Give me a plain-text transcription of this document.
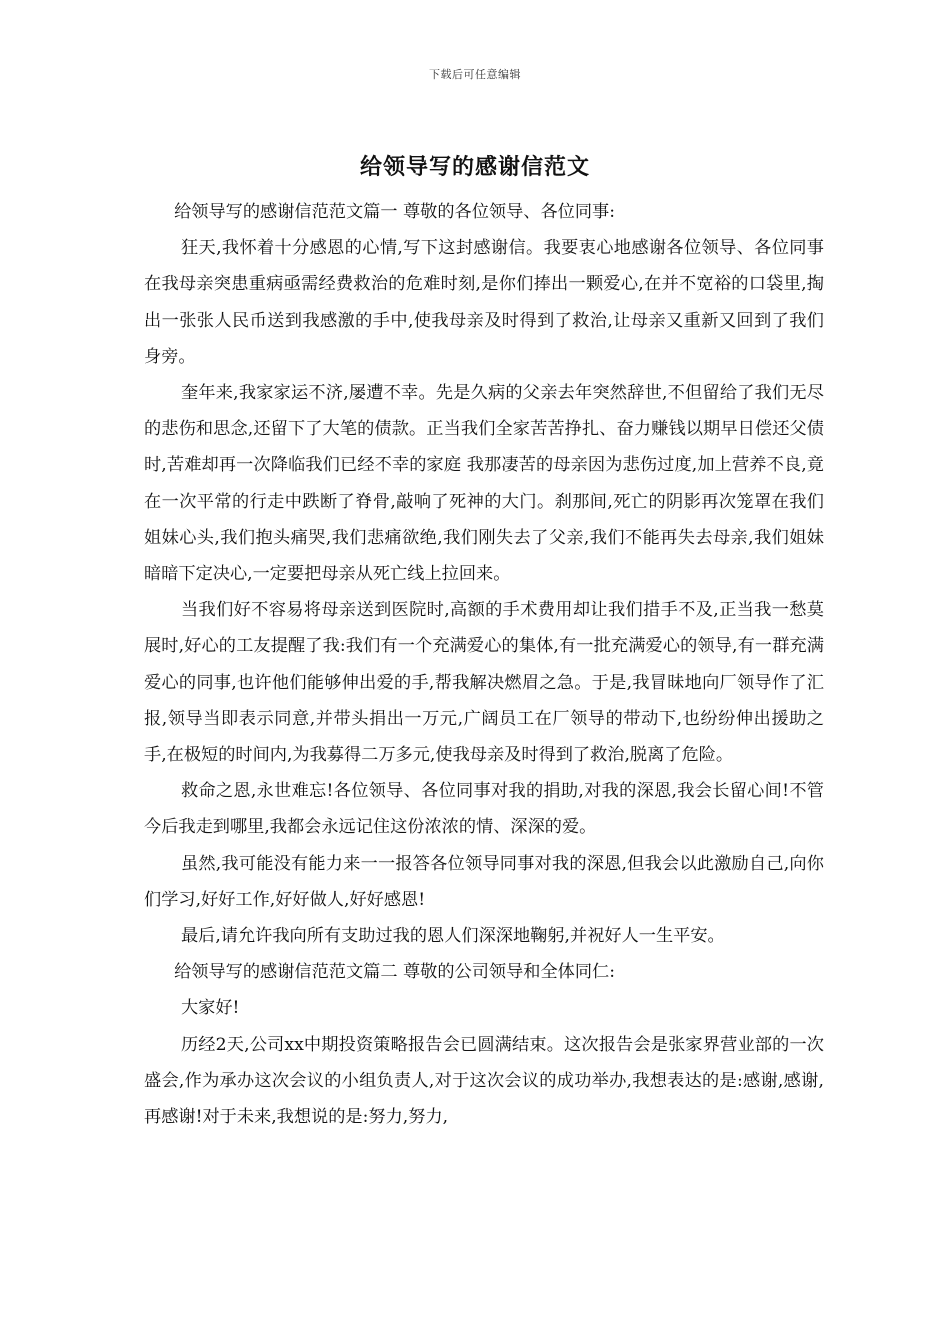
下载后可任意编辑
给领导写的感谢信范文

给领导写的感谢信范范文篇一 尊敬的各位领导、各位同事:

狂天,我怀着十分感恩的心情,写下这封感谢信。我要衷心地感谢各位领导、各位同事在我母亲突患重病亟需经费救治的危难时刻,是你们捧出一颗爱心,在并不宽裕的口袋里,掏出一张张人民币送到我感激的手中,使我母亲及时得到了救治,让母亲又重新又回到了我们身旁。

奎年来,我家家运不济,屡遭不幸。先是久病的父亲去年突然辞世,不但留给了我们无尽的悲伤和思念,还留下了大笔的债款。正当我们全家苦苦挣扎、奋力赚钱以期早日偿还父债时,苦难却再一次降临我们已经不幸的家庭 我那凄苦的母亲因为悲伤过度,加上营养不良,竟在一次平常的行走中跌断了脊骨,敲响了死神的大门。刹那间,死亡的阴影再次笼罩在我们姐妹心头,我们抱头痛哭,我们悲痛欲绝,我们刚失去了父亲,我们不能再失去母亲,我们姐妹暗暗下定决心,一定要把母亲从死亡线上拉回来。

当我们好不容易将母亲送到医院时,高额的手术费用却让我们措手不及,正当我一愁莫展时,好心的工友提醒了我:我们有一个充满爱心的集体,有一批充满爱心的领导,有一群充满爱心的同事,也许他们能够伸出爱的手,帮我解决燃眉之急。于是,我冒昧地向厂领导作了汇报,领导当即表示同意,并带头捐出一万元,广阔员工在厂领导的带动下,也纷纷伸出援助之手,在极短的时间内,为我募得二万多元,使我母亲及时得到了救治,脱离了危险。

救命之恩,永世难忘!各位领导、各位同事对我的捐助,对我的深恩,我会长留心间!不管今后我走到哪里,我都会永远记住这份浓浓的情、深深的爱。

虽然,我可能没有能力来一一报答各位领导同事对我的深恩,但我会以此激励自己,向你们学习,好好工作,好好做人,好好感恩!

最后,请允许我向所有支助过我的恩人们深深地鞠躬,并祝好人一生平安。

给领导写的感谢信范范文篇二 尊敬的公司领导和全体同仁:

大家好!

历经2天,公司xx中期投资策略报告会已圆满结束。这次报告会是张家界营业部的一次盛会,作为承办这次会议的小组负责人,对于这次会议的成功举办,我想表达的是:感谢,感谢,再感谢!对于未来,我想说的是:努力,努力,
